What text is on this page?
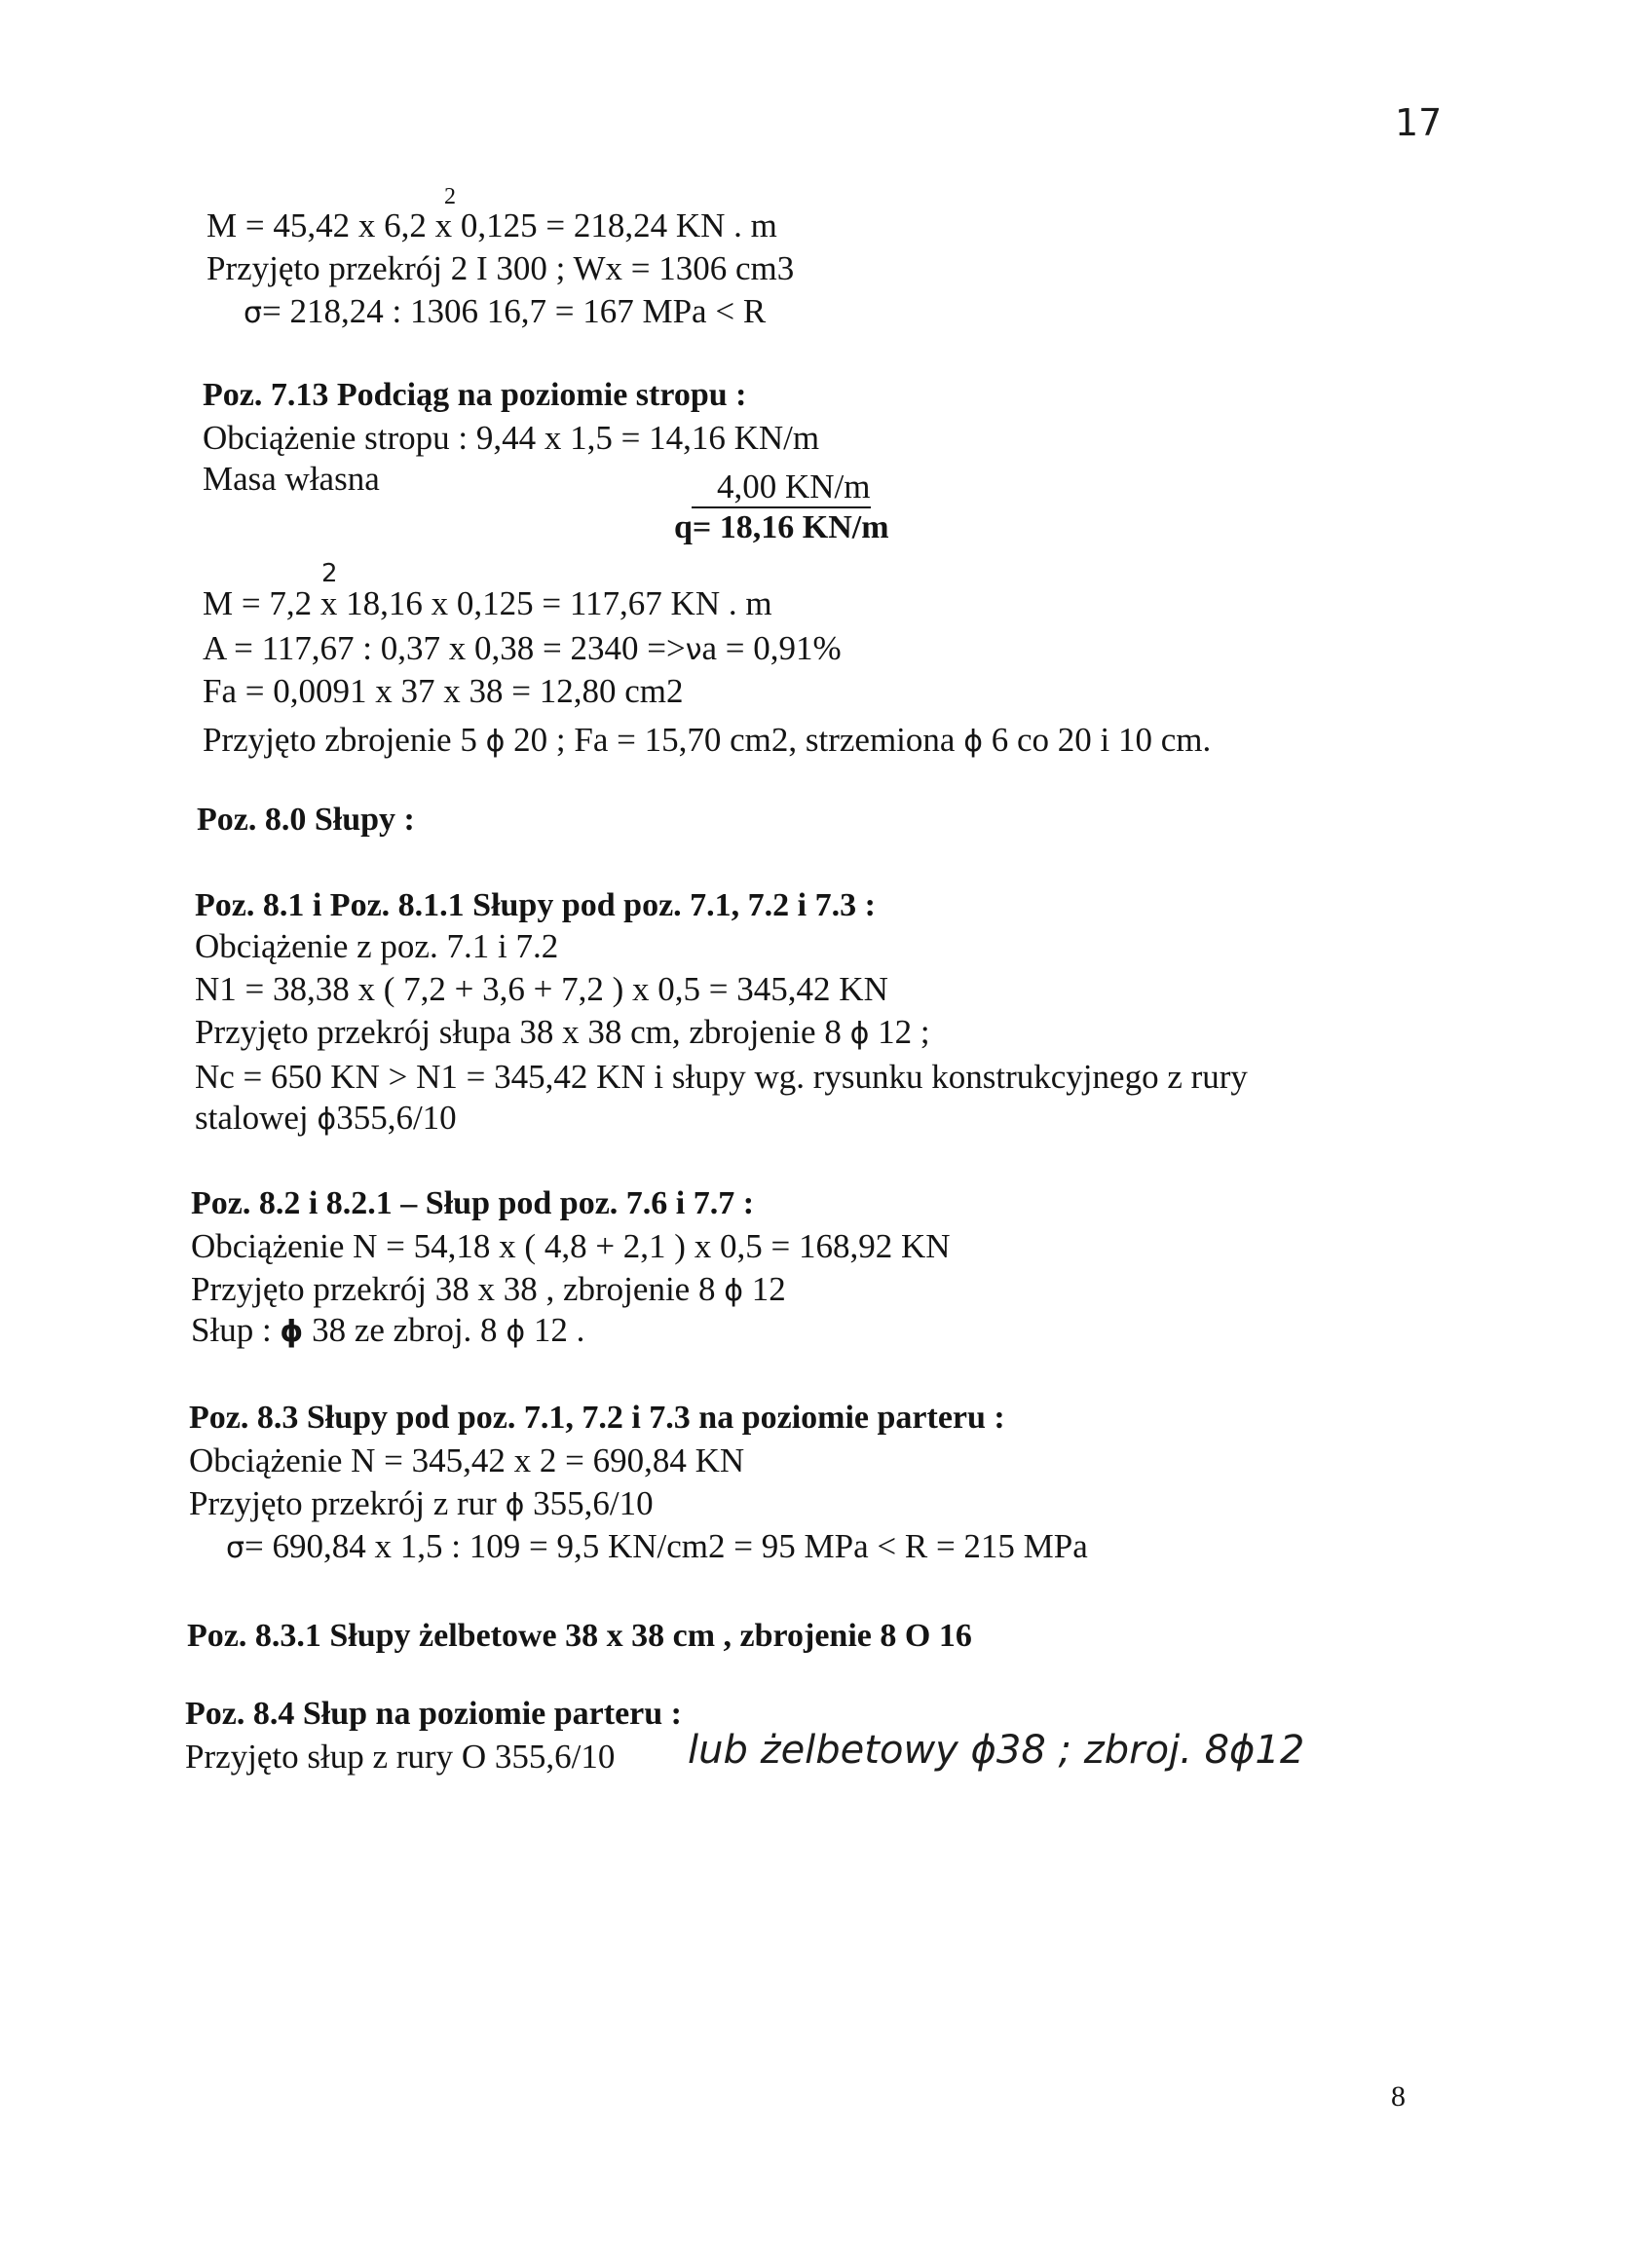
17
2
M = 45,42 x 6,2 x 0,125 = 218,24 KN . m
Przyjęto przekrój 2 I 300 ; Wx = 1306 cm3
σ= 218,24 : 1306 16,7 = 167 MPa < R
Poz. 7.13 Podciąg na poziomie stropu :
Obciążenie stropu : 9,44 x 1,5 = 14,16 KN/m
Masa własna	4,00 KN/m
q= 18,16 KN/m
2
M = 7,2 x 18,16 x 0,125 = 117,67 KN . m
A = 117,67 : 0,37 x 0,38 = 2340 =>νa = 0,91%
Fa = 0,0091 x 37 x 38 = 12,80 cm2
Przyjęto zbrojenie 5 ϕ 20 ; Fa = 15,70 cm2, strzemiona ϕ 6 co 20 i 10 cm.
Poz. 8.0 Słupy :
Poz. 8.1 i Poz. 8.1.1 Słupy pod poz. 7.1, 7.2 i 7.3 :
Obciążenie z poz. 7.1 i 7.2
N1 = 38,38 x ( 7,2 + 3,6 + 7,2 ) x 0,5 = 345,42 KN
Przyjęto przekrój słupa 38 x 38 cm, zbrojenie 8 ϕ 12 ;
Nc = 650 KN > N1 = 345,42 KN i słupy wg. rysunku konstrukcyjnego z rury
stalowej ϕ355,6/10
Poz. 8.2 i 8.2.1 – Słup pod poz. 7.6 i 7.7 :
Obciążenie N = 54,18 x ( 4,8 + 2,1 ) x 0,5 = 168,92 KN
Przyjęto przekrój 38 x 38 , zbrojenie 8 ϕ 12
Słup : ϕ 38 ze zbroj. 8 ϕ 12 .
Poz. 8.3 Słupy pod poz. 7.1, 7.2 i 7.3 na poziomie parteru :
Obciążenie N = 345,42 x 2 = 690,84 KN
Przyjęto przekrój z rur ϕ 355,6/10
σ= 690,84 x 1,5 : 109 = 9,5 KN/cm2 = 95 MPa < R = 215 MPa
Poz. 8.3.1 Słupy żelbetowe 38 x 38 cm , zbrojenie 8 O 16
Poz. 8.4 Słup na poziomie parteru :
Przyjęto słup z rury O 355,6/10 lub żelbetowy ϕ38 ; zbroj. 8ϕ12
8
